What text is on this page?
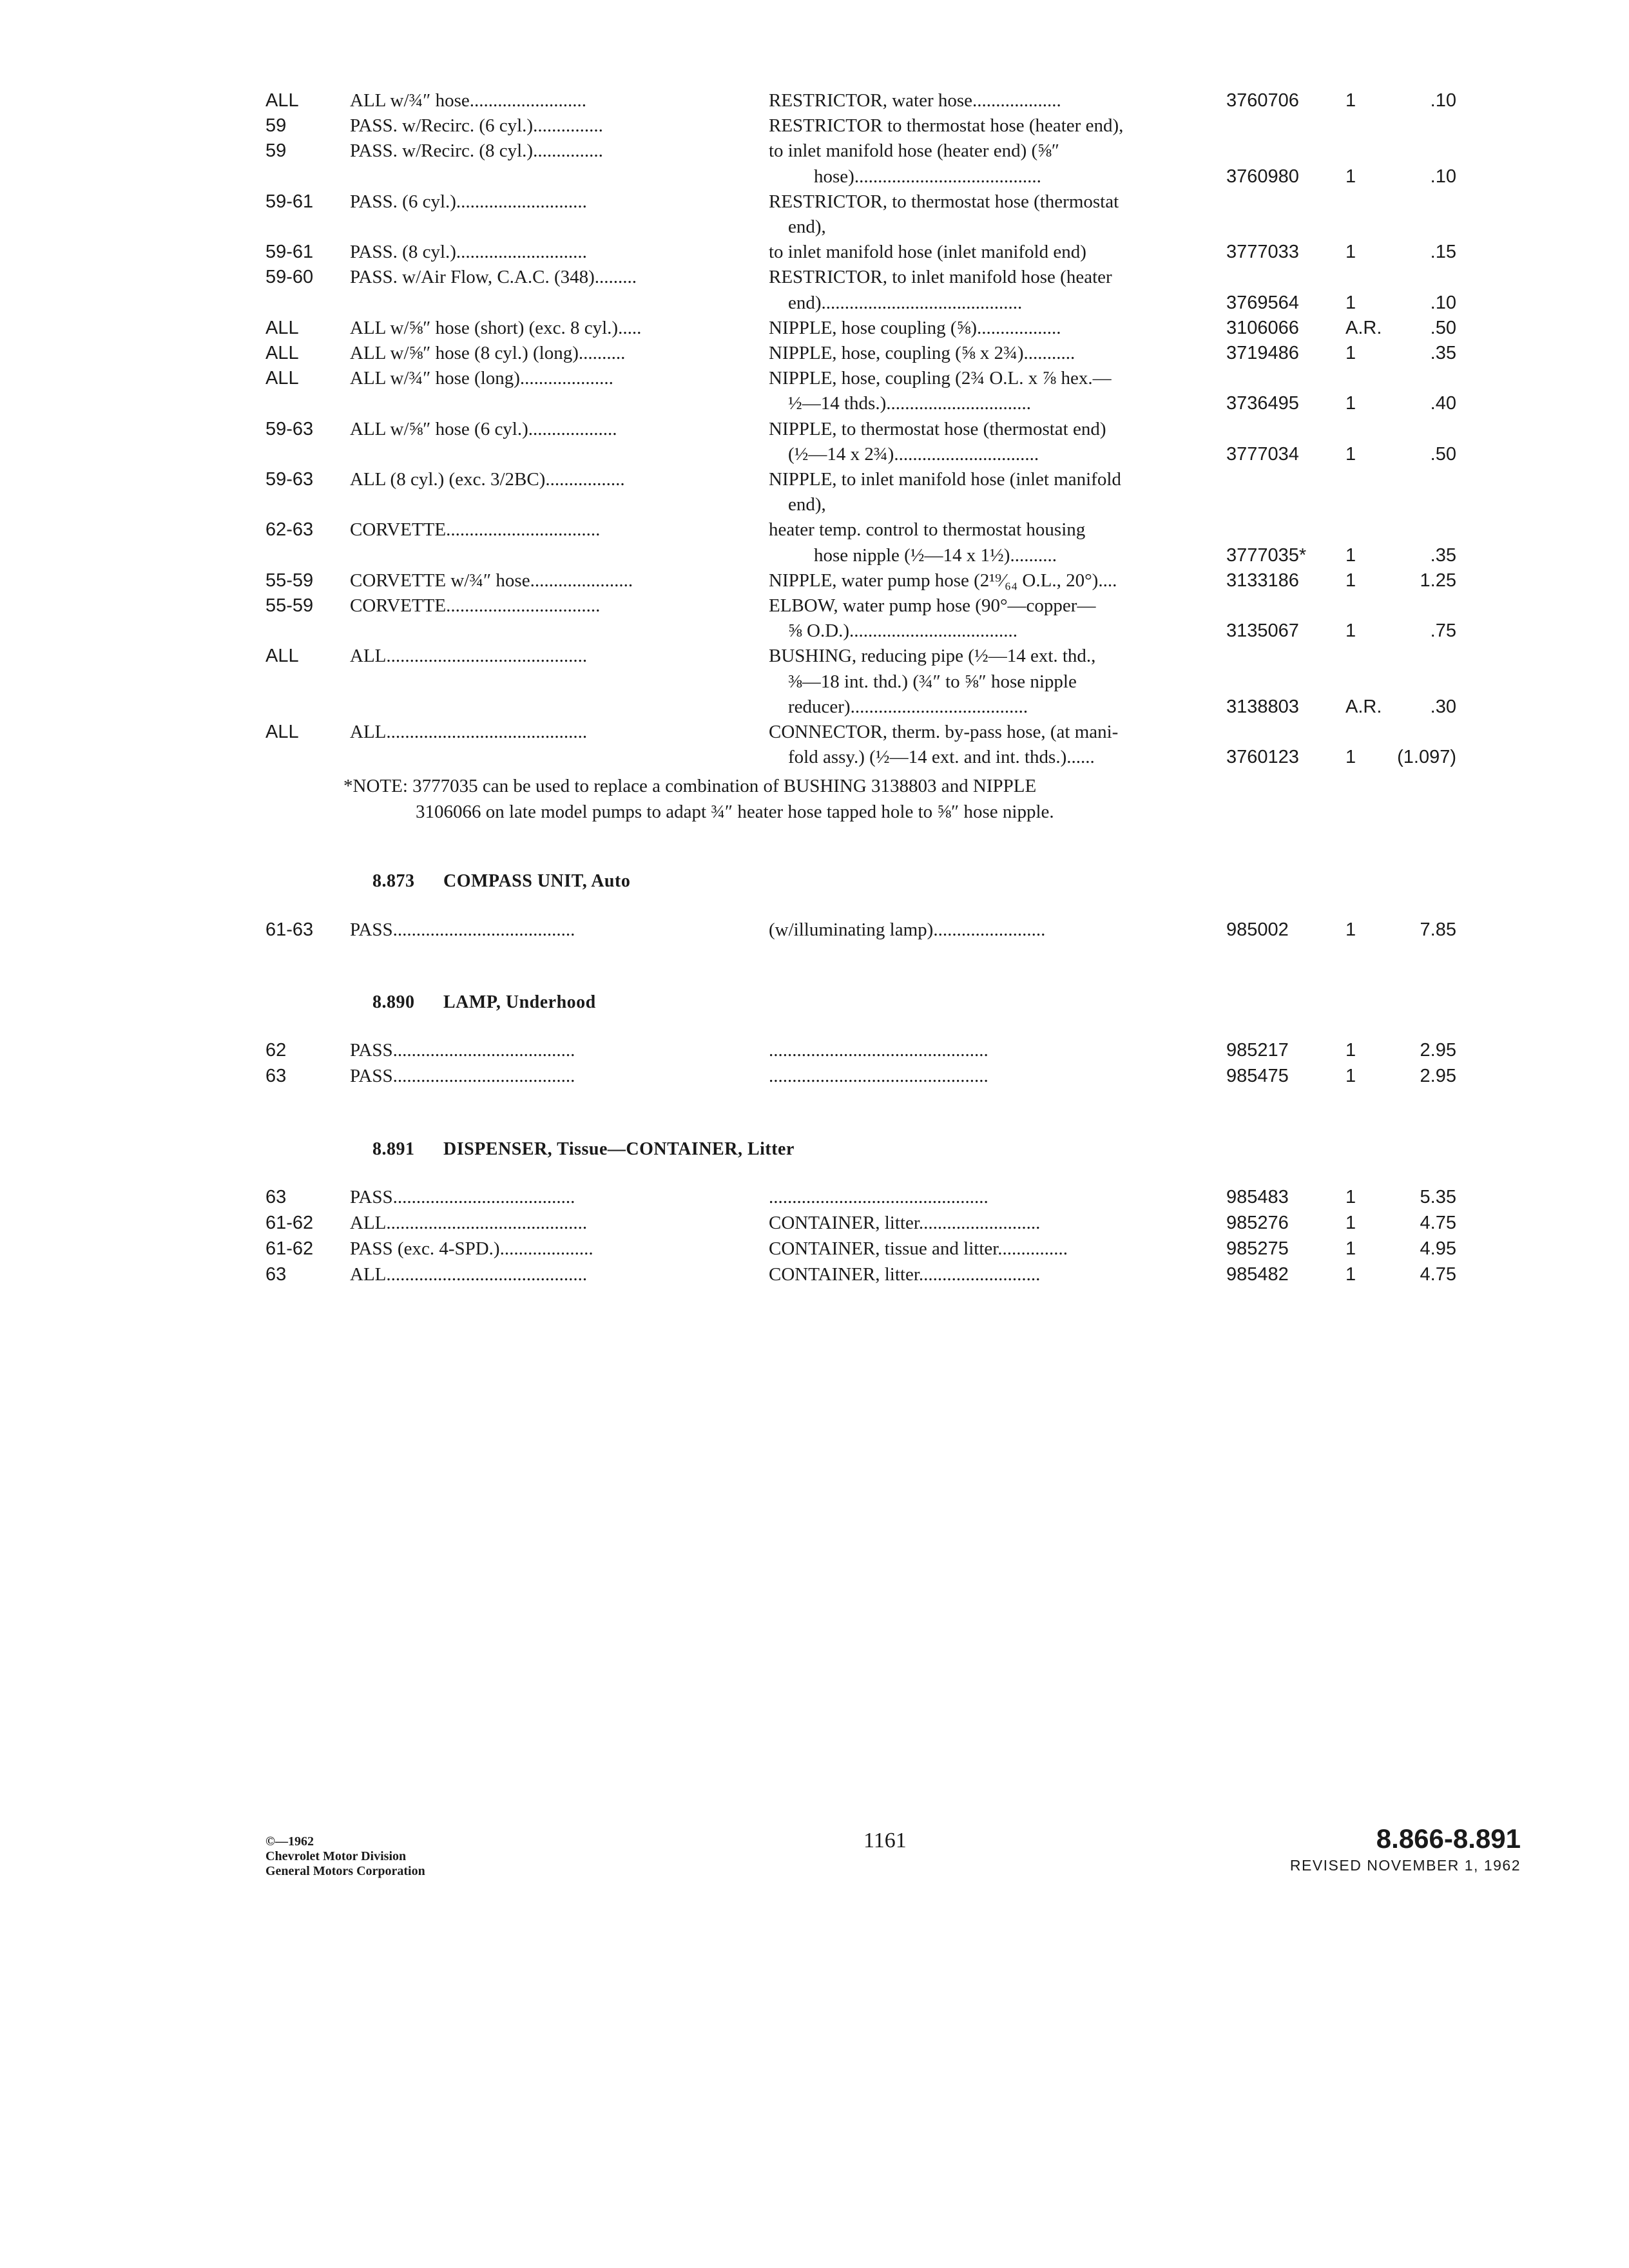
ALL	ALL w/¾″ hose.........................	RESTRICTOR, water hose...................	3760706 1	.10
59	PASS. w/Recirc. (6 cyl.)...............	RESTRICTOR to thermostat hose (heater end),
59	PASS. w/Recirc. (8 cyl.)...............	to inlet manifold hose (heater end) (⅝″
hose)........................................	3760980 1	.10
59-61 PASS. (6 cyl.)............................	RESTRICTOR, to thermostat hose (thermostat
end),
59-61 PASS. (8 cyl.)............................	to inlet manifold hose (inlet manifold end)	3777033 1	.15
59-60 PASS. w/Air Flow, C.A.C. (348).........	RESTRICTOR, to inlet manifold hose (heater
end)...........................................	3769564 1	.10
ALL	ALL w/⅝″ hose (short) (exc. 8 cyl.).....	NIPPLE, hose coupling (⅝)..................	3106066 A.R.	.50
ALL	ALL w/⅝″ hose (8 cyl.) (long)..........	NIPPLE, hose, coupling (⅝ x 2¾)...........	3719486 1	.35
ALL	ALL w/¾″ hose (long)....................	NIPPLE, hose, coupling (2¾ O.L. x ⅞ hex.—
½—14 thds.)...............................	3736495 1	.40
59-63 ALL w/⅝″ hose (6 cyl.)...................	NIPPLE, to thermostat hose (thermostat end)
(½—14 x 2¾)...............................	3777034 1	.50
59-63 ALL (8 cyl.) (exc. 3/2BC).................	NIPPLE, to inlet manifold hose (inlet manifold
end),
62-63 CORVETTE.................................	heater temp. control to thermostat housing
hose nipple (½—14 x 1½)..........	3777035* 1	.35
55-59 CORVETTE w/¾″ hose......................	NIPPLE, water pump hose (2¹⁹⁄₆₄ O.L., 20°)....	3133186 1	1.25
55-59 CORVETTE.................................	ELBOW, water pump hose (90°—copper—
⅝ O.D.)....................................	3135067 1	.75
ALL	ALL...........................................	BUSHING, reducing pipe (½—14 ext. thd.,
⅜—18 int. thd.) (¾″ to ⅝″ hose nipple
reducer)......................................	3138803 A.R.	.30
ALL	ALL...........................................	CONNECTOR, therm. by-pass hose, (at mani-
fold assy.) (½—14 ext. and int. thds.)......	3760123 1 (1.097)
*NOTE: 3777035 can be used to replace a combination of BUSHING 3138803 and NIPPLE
3106066 on late model pumps to adapt ¾″ heater hose tapped hole to ⅝″ hose nipple.
8.873 COMPASS UNIT, Auto
61-63 PASS.......................................	(w/illuminating lamp)........................	985002	1	7.85
8.890 LAMP, Underhood
62	PASS.......................................	...............................................	985217	1	2.95
63	PASS.......................................	...............................................	985475	1	2.95
8.891 DISPENSER, Tissue—CONTAINER, Litter
63	PASS.......................................	...............................................	985483	1	5.35
61-62 ALL...........................................	CONTAINER, litter..........................	985276	1	4.75
61-62 PASS (exc. 4-SPD.)....................	CONTAINER, tissue and litter...............	985275	1	4.95
63	ALL...........................................	CONTAINER, litter..........................	985482	1	4.75
©—1962
Chevrolet Motor Division
General Motors Corporation
1161	8.866-8.891
REVISED NOVEMBER 1, 1962
